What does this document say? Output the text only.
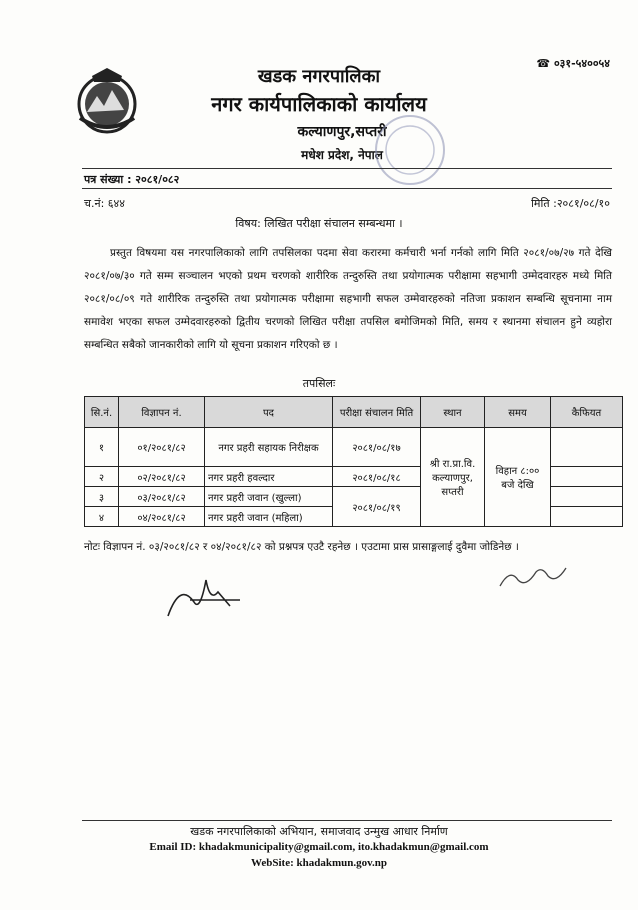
☎ ०३१-५४००५४
खडक नगरपालिका
नगर कार्यपालिकाको कार्यालय
कल्याणपुर,सप्तरी
मधेश प्रदेश, नेपाल
पत्र संख्या : २०८१/०८२
च.नं: ६४४	मिति :२०८१/०८/१०
विषय: लिखित परीक्षा संचालन सम्बन्धमा ।
प्रस्तुत विषयमा यस नगरपालिकाको लागि तपसिलका पदमा सेवा करारमा कर्मचारी भर्ना गर्नको लागि मिति २०८१/०७/२७ गते देखि २०८१/०७/३० गते सम्म सञ्चालन भएको प्रथम चरणको शारीरिक तन्दुरुस्ति तथा प्रयोगात्मक परीक्षामा सहभागी उम्मेदवारहरु मध्ये मिति २०८१/०८/०९ गते शारीरिक तन्दुरुस्ति तथा प्रयोगात्मक परीक्षामा सहभागी सफल उम्मेवारहरुको नतिजा प्रकाशन सम्बन्धि सूचनामा नाम समावेश भएका सफल उम्मेदवारहरुको द्वितीय चरणको लिखित परीक्षा तपसिल बमोजिमको मिति, समय र स्थानमा संचालन हुने व्यहोरा सम्बन्धित सबैको जानकारीको लागि यो सूचना प्रकाशन गरिएको छ ।
तपसिलः
सि.नं.	विज्ञापन नं.	पद	परीक्षा संचालन मिति	स्थान	समय	कैफियत
१	०१/२०८१/८२	नगर प्रहरी सहायक निरीक्षक	२०८१/०८/१७	श्री रा.प्रा.वि. कल्याणपुर, सप्तरी	विहान ८:०० बजे देखि	
२	०२/२०८१/८२	नगर प्रहरी हवल्दार	२०८१/०८/१८			
३	०३/२०८१/८२	नगर प्रहरी जवान (खुल्ला)	२०८१/०८/१९			
४	०४/२०८१/८२	नगर प्रहरी जवान (महिला)				
नोटः विज्ञापन नं. ०३/२०८१/८२ र ०४/२०८१/८२ को प्रश्नपत्र एउटै रहनेछ । एउटामा प्रास प्रासाङ्गलाई दुवैमा जोडिनेछ ।
खडक नगरपालिकाको अभियान, समाजवाद उन्मुख आधार निर्माण
Email ID: khadakmunicipality@gmail.com, ito.khadakmun@gmail.com
WebSite: khadakmun.gov.np
